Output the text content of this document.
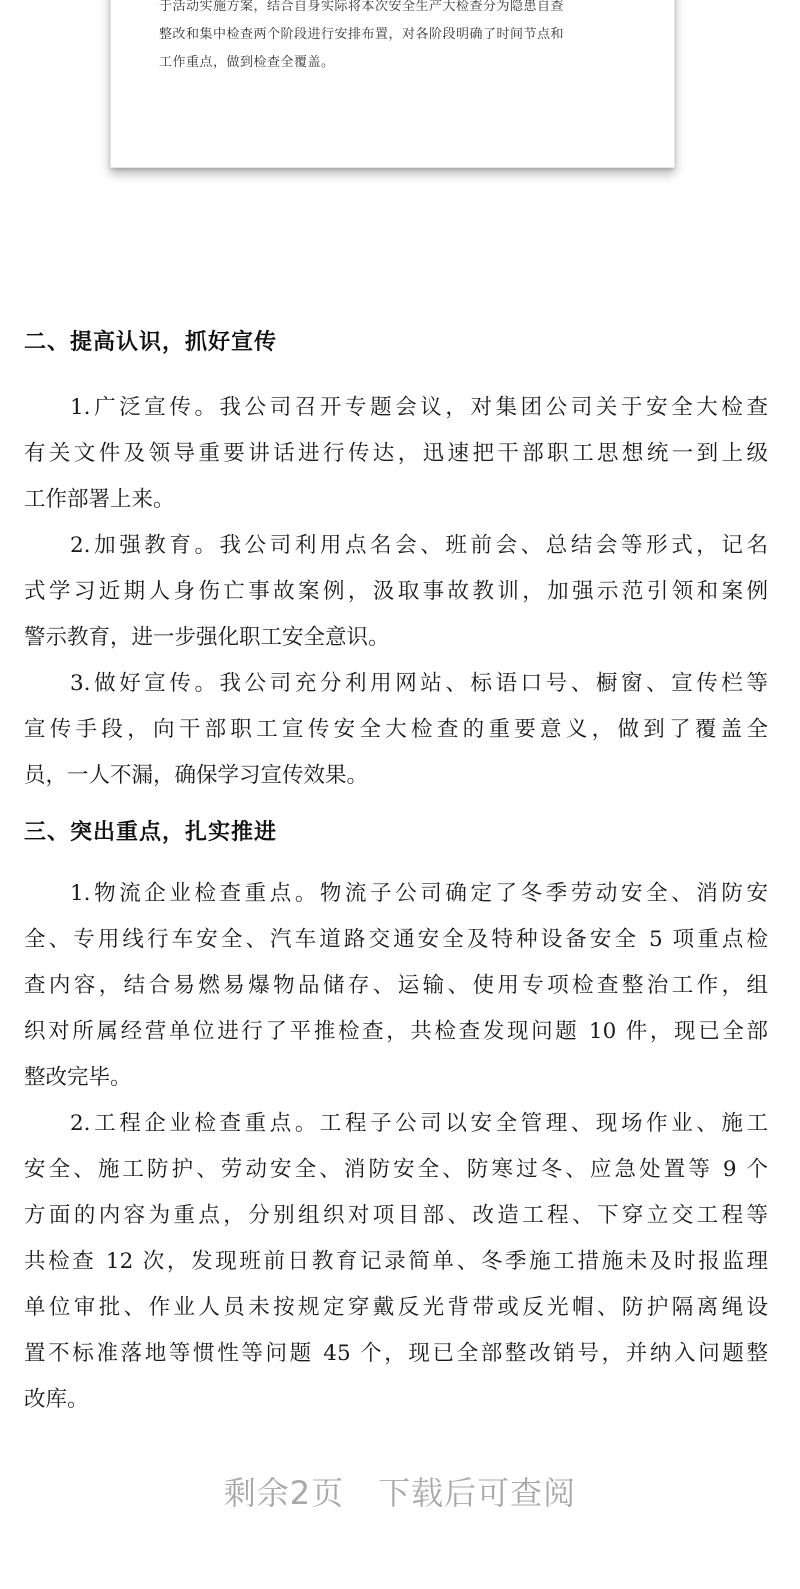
于活动实施方案，结合自身实际将本次安全生产大检查分为隐患自查

整改和集中检查两个阶段进行安排布置，对各阶段明确了时间节点和

工作重点，做到检查全覆盖。

二、提高认识，抓好宣传
1.广泛宣传。我公司召开专题会议，对集团公司关于安全大检查
有关文件及领导重要讲话进行传达，迅速把干部职工思想统一到上级
工作部署上来。
2.加强教育。我公司利用点名会、班前会、总结会等形式，记名
式学习近期人身伤亡事故案例，汲取事故教训，加强示范引领和案例
警示教育，进一步强化职工安全意识。
3.做好宣传。我公司充分利用网站、标语口号、橱窗、宣传栏等
宣传手段，向干部职工宣传安全大检查的重要意义，做到了覆盖全
员，一人不漏，确保学习宣传效果。
三、突出重点，扎实推进
1.物流企业检查重点。物流子公司确定了冬季劳动安全、消防安
全、专用线行车安全、汽车道路交通安全及特种设备安全 5 项重点检
查内容，结合易燃易爆物品储存、运输、使用专项检查整治工作，组
织对所属经营单位进行了平推检查，共检查发现问题 10 件，现已全部
整改完毕。
2.工程企业检查重点。工程子公司以安全管理、现场作业、施工
安全、施工防护、劳动安全、消防安全、防寒过冬、应急处置等 9 个
方面的内容为重点，分别组织对项目部、改造工程、下穿立交工程等
共检查 12 次，发现班前日教育记录简单、冬季施工措施未及时报监理
单位审批、作业人员未按规定穿戴反光背带或反光帽、防护隔离绳设
置不标准落地等惯性等问题 45 个，现已全部整改销号，并纳入问题整
改库。
剩余2页 下载后可查阅
